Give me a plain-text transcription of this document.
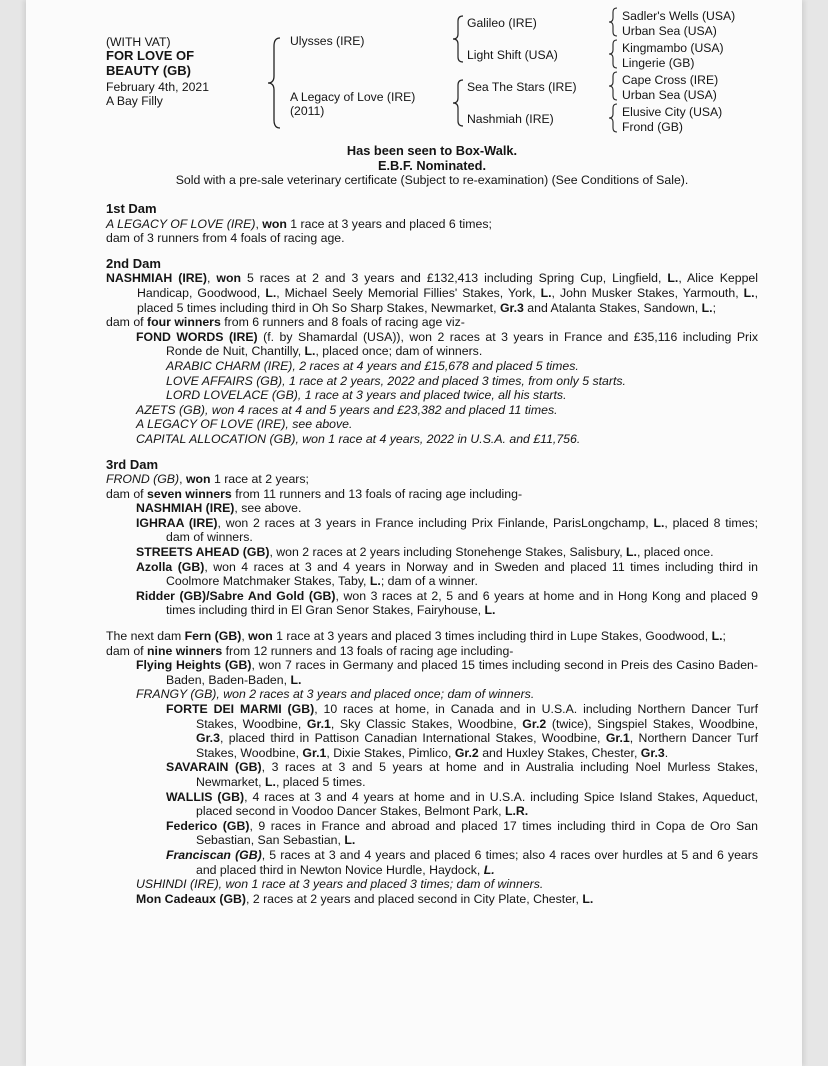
(WITH VAT)
FOR LOVE OF
BEAUTY (GB)
February 4th, 2021
A Bay Filly
Ulysses (IRE)
A Legacy of Love (IRE)
(2011)
Galileo (IRE)
Light Shift (USA)
Sea The Stars (IRE)
Nashmiah (IRE)
Sadler's Wells (USA)
Urban Sea (USA)
Kingmambo (USA)
Lingerie (GB)
Cape Cross (IRE)
Urban Sea (USA)
Elusive City (USA)
Frond (GB)
Has been seen to Box-Walk.
E.B.F. Nominated.
Sold with a pre-sale veterinary certificate (Subject to re-examination) (See Conditions of Sale).
1st Dam

A LEGACY OF LOVE (IRE), won 1 race at 3 years and placed 6 times;

dam of 3 runners from 4 foals of racing age.

2nd Dam

NASHMIAH (IRE), won 5 races at 2 and 3 years and £132,413 including Spring Cup, Lingfield, L., Alice Keppel Handicap, Goodwood, L., Michael Seely Memorial Fillies' Stakes, York, L., John Musker Stakes, Yarmouth, L., placed 5 times including third in Oh So Sharp Stakes, Newmarket, Gr.3 and Atalanta Stakes, Sandown, L.;

dam of four winners from 6 runners and 8 foals of racing age viz-

FOND WORDS (IRE) (f. by Shamardal (USA)), won 2 races at 3 years in France and £35,116 including Prix Ronde de Nuit, Chantilly, L., placed once; dam of winners.

ARABIC CHARM (IRE), 2 races at 4 years and £15,678 and placed 5 times.

LOVE AFFAIRS (GB), 1 race at 2 years, 2022 and placed 3 times, from only 5 starts.

LORD LOVELACE (GB), 1 race at 3 years and placed twice, all his starts.

AZETS (GB), won 4 races at 4 and 5 years and £23,382 and placed 11 times.

A LEGACY OF LOVE (IRE), see above.

CAPITAL ALLOCATION (GB), won 1 race at 4 years, 2022 in U.S.A. and £11,756.

3rd Dam

FROND (GB), won 1 race at 2 years;

dam of seven winners from 11 runners and 13 foals of racing age including-

NASHMIAH (IRE), see above.

IGHRAA (IRE), won 2 races at 3 years in France including Prix Finlande, ParisLongchamp, L., placed 8 times; dam of winners.

STREETS AHEAD (GB), won 2 races at 2 years including Stonehenge Stakes, Salisbury, L., placed once.

Azolla (GB), won 4 races at 3 and 4 years in Norway and in Sweden and placed 11 times including third in Coolmore Matchmaker Stakes, Taby, L.; dam of a winner.

Ridder (GB)/Sabre And Gold (GB), won 3 races at 2, 5 and 6 years at home and in Hong Kong and placed 9 times including third in El Gran Senor Stakes, Fairyhouse, L.

The next dam Fern (GB), won 1 race at 3 years and placed 3 times including third in Lupe Stakes, Goodwood, L.;

dam of nine winners from 12 runners and 13 foals of racing age including-

Flying Heights (GB), won 7 races in Germany and placed 15 times including second in Preis des Casino Baden-Baden, Baden-Baden, L.

FRANGY (GB), won 2 races at 3 years and placed once; dam of winners.

FORTE DEI MARMI (GB), 10 races at home, in Canada and in U.S.A. including Northern Dancer Turf Stakes, Woodbine, Gr.1, Sky Classic Stakes, Woodbine, Gr.2 (twice), Singspiel Stakes, Woodbine, Gr.3, placed third in Pattison Canadian International Stakes, Woodbine, Gr.1, Northern Dancer Turf Stakes, Woodbine, Gr.1, Dixie Stakes, Pimlico, Gr.2 and Huxley Stakes, Chester, Gr.3.

SAVARAIN (GB), 3 races at 3 and 5 years at home and in Australia including Noel Murless Stakes, Newmarket, L., placed 5 times.

WALLIS (GB), 4 races at 3 and 4 years at home and in U.S.A. including Spice Island Stakes, Aqueduct, placed second in Voodoo Dancer Stakes, Belmont Park, L.R.

Federico (GB), 9 races in France and abroad and placed 17 times including third in Copa de Oro San Sebastian, San Sebastian, L.

Franciscan (GB), 5 races at 3 and 4 years and placed 6 times; also 4 races over hurdles at 5 and 6 years and placed third in Newton Novice Hurdle, Haydock, L.

USHINDI (IRE), won 1 race at 3 years and placed 3 times; dam of winners.

Mon Cadeaux (GB), 2 races at 2 years and placed second in City Plate, Chester, L.
